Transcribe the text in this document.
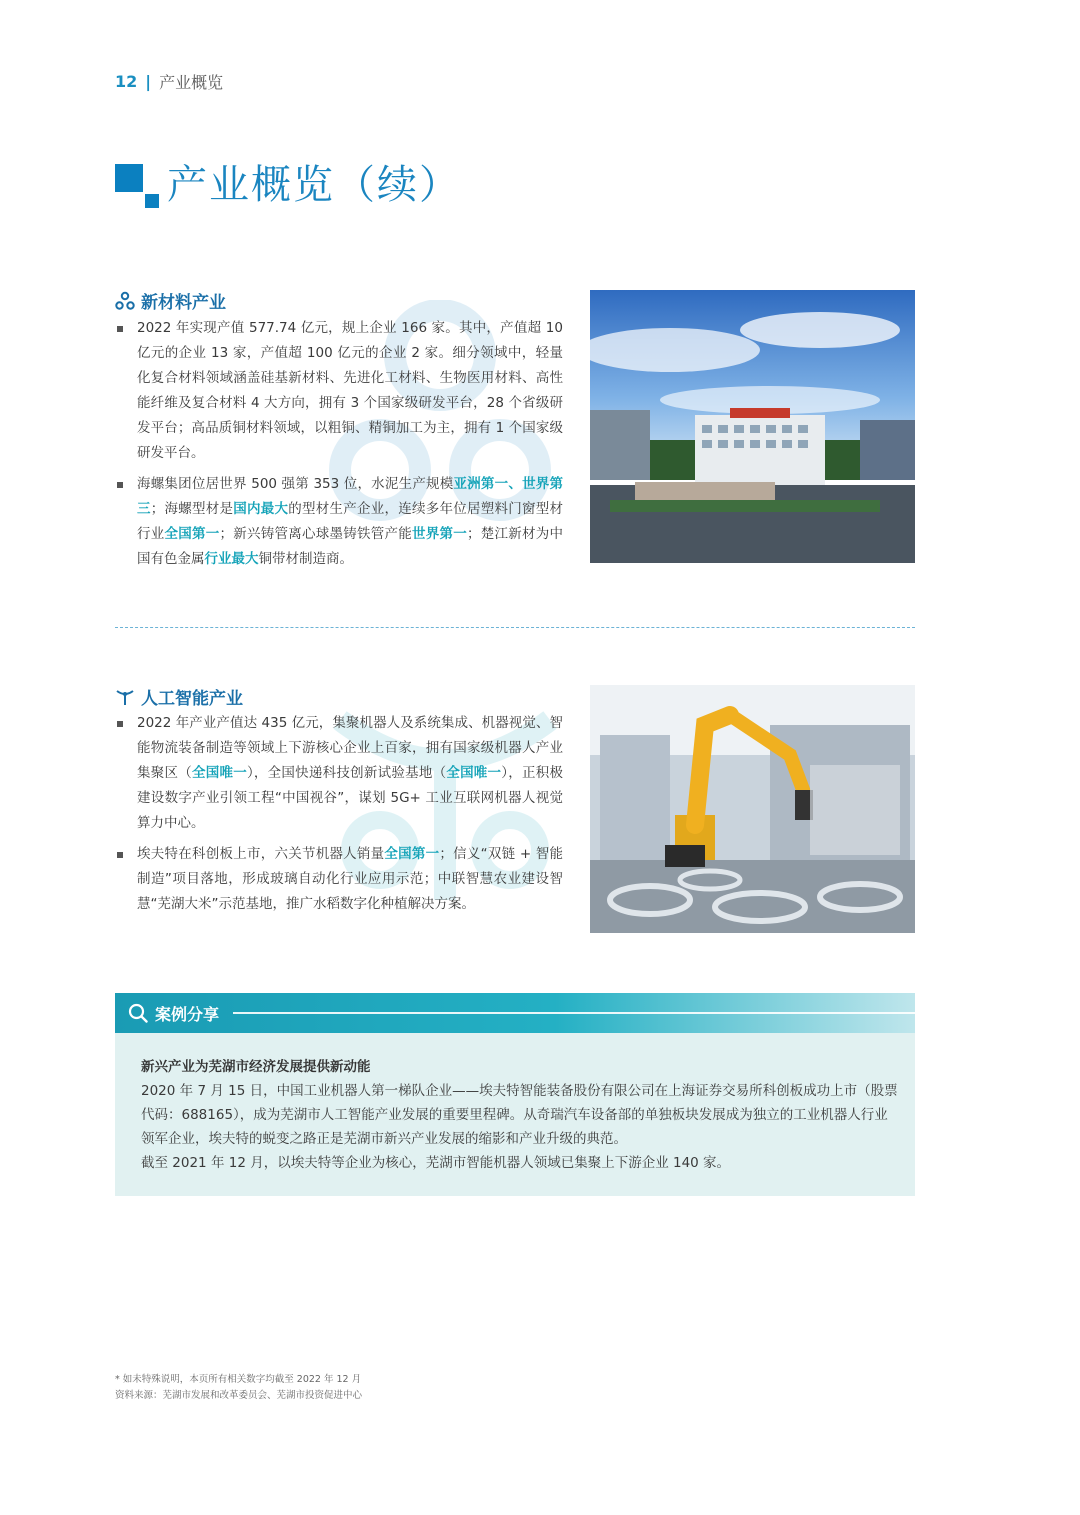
12 | 产业概览
产业概览（续）
新材料产业
2022 年实现产值 577.74 亿元，规上企业 166 家。其中，产值超 10 亿元的企业 13 家，产值超 100 亿元的企业 2 家。细分领域中，轻量化复合材料领域涵盖硅基新材料、先进化工材料、生物医用材料、高性能纤维及复合材料 4 大方向，拥有 3 个国家级研发平台，28 个省级研发平台；高品质铜材料领域，以粗铜、精铜加工为主，拥有 1 个国家级研发平台。
海螺集团位居世界 500 强第 353 位，水泥生产规模亚洲第一、世界第三；海螺型材是国内最大的型材生产企业，连续多年位居塑料门窗型材行业全国第一；新兴铸管离心球墨铸铁管产能世界第一；楚江新材为中国有色金属行业最大铜带材制造商。
人工智能产业
2022 年产业产值达 435 亿元，集聚机器人及系统集成、机器视觉、智能物流装备制造等领域上下游核心企业上百家，拥有国家级机器人产业集聚区（全国唯一），全国快递科技创新试验基地（全国唯一），正积极建设数字产业引领工程“中国视谷”，谋划 5G+ 工业互联网机器人视觉算力中心。
埃夫特在科创板上市，六关节机器人销量全国第一；信义“双链 + 智能制造”项目落地，形成玻璃自动化行业应用示范；中联智慧农业建设智慧“芜湖大米”示范基地，推广水稻数字化种植解决方案。
案例分享
新兴产业为芜湖市经济发展提供新动能
2020 年 7 月 15 日，中国工业机器人第一梯队企业——埃夫特智能装备股份有限公司在上海证券交易所科创板成功上市（股票代码：688165），成为芜湖市人工智能产业发展的重要里程碑。从奇瑞汽车设备部的单独板块发展成为独立的工业机器人行业领军企业，埃夫特的蜕变之路正是芜湖市新兴产业发展的缩影和产业升级的典范。
截至 2021 年 12 月，以埃夫特等企业为核心，芜湖市智能机器人领域已集聚上下游企业 140 家。
* 如未特殊说明，本页所有相关数字均截至 2022 年 12 月
资料来源：芜湖市发展和改革委员会、芜湖市投资促进中心
